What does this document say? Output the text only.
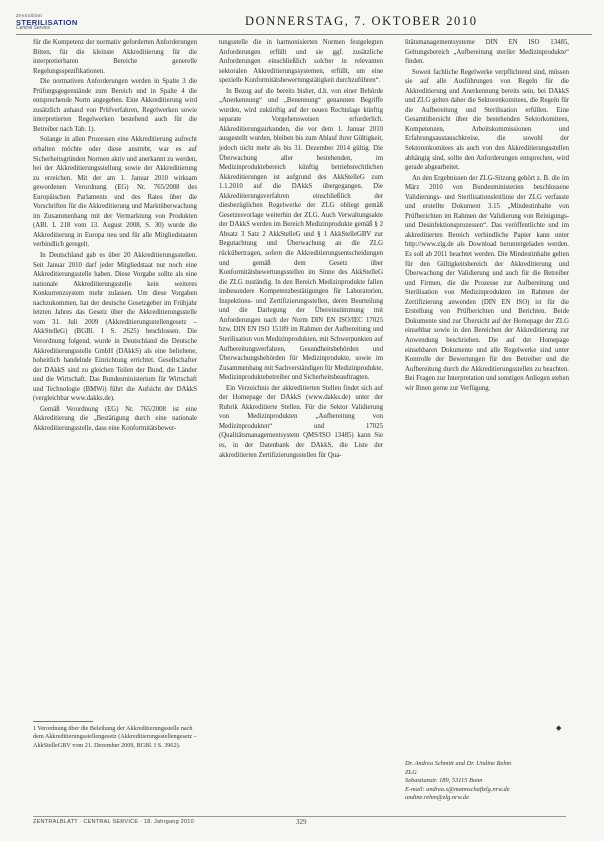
Zentralblatt
STERILISATION
Central Service	DONNERSTAG, 7. OKTOBER 2010

für die Kompetenz der normativ geforderten Anforderungen Bitten, für die kleinste Akkreditierung für die interpretierbaren Bereiche generelle Regelungsspezifikationen.

Die normativen Anforderungen werden in Spalte 3 die Prüfungsgegenstände zum Bereich und in Spalte 4 die entsprechende Norm angegeben. Eine Akkreditierung wird zusätzlich anhand von Prüfverfahren, Regelwerken sowie interpretierten Regelwerken bestehend auch für die Betreiber nach Tab. 1).

Solange in allen Prozessen eine Akkreditierung aufrecht erhalten möchte oder diese anstrebt, war es auf Sicherheitsgründen Normen aktiv und anerkannt zu werden, bei der Akkreditierungsstellung sowie der Akkreditierung zu erreichen. Mit der am 1. Januar 2010 wirksam gewordenen Verordnung (EG) Nr. 765/2008 des Europäischen Parlaments und des Rates über die Vorschriften für die Akkreditierung und Marktüberwachung im Zusammenhang mit der Vermarktung von Produkten (ABl. L 218 vom 13. August 2008, S. 30) wurde die Akkreditierung in Europa neu und für alle Mitgliedstaaten verbindlich geregelt.

In Deutschland gab es über 20 Akkreditierungsstellen. Seit Januar 2010 darf jeder Mitgliedstaat nur noch eine Akkreditierungsstelle haben. Diese Vorgabe sollte als eine nationale Akkreditierungsstelle kein weiteres Konkurrenzsystem mehr zulassen. Um diese Vorgaben nachzukommen, hat der deutsche Gesetzgeber im Frühjahr letzten Jahres das Gesetz über die Akkreditierungsstelle vom 31. Juli 2009 (Akkreditierungsstellengesetz – AkkStelleG) (BGBl. I S. 2625) beschlossen. Die Verordnung folgend, wurde in Deutschland die Deutsche Akkreditierungsstelle GmbH (DAkkS) als eine beliehene, hoheitlich handelnde Einrichtung errichtet. Gesellschafter der DAkkS sind zu gleichen Teilen der Bund, die Länder und die Wirtschaft. Das Bundesministerium für Wirtschaft und Technologie (BMWi) führt die Aufsicht der DAkkS (vergleichbar www.dakks.de).

Gemäß Verordnung (EG) Nr. 765/2008 ist eine Akkreditierung die „Bestätigung durch eine nationale Akkreditierungsstelle, dass eine Konformitätsbewer-

tungsstelle die in harmonisierten Normen festgelegten Anforderungen erfüllt und sie ggf. zusätzliche Anforderungen einschließlich solcher in relevanten sektoralen Akkreditierungssystemen, erfüllt, um eine spezielle Konformitätsbewertungstätigkeit durchzuführen“.

In Bezug auf die bereits bisher, d.h. von einer Behörde „Anerkennung“ und „Benennung“ genannten Begriffe wurden, wird zukünftig auf der neuen Rechtslage künftig separate Vorgehensweisen erforderlich. Akkreditierungsurkunden, die vor dem 1. Januar 2010 ausgestellt wurden, bleiben bis zum Ablauf ihrer Gültigkeit, jedoch nicht mehr als bis 31. Dezember 2014 gültig. Die Überwachung aller bestehenden, im Medizinproduktebereich künftig betriebsrechtlichen Akkreditierungen ist aufgrund des AkkStelleG zum 1.1.2010 auf die DAkkS übergegangen. Die Akkreditierungsverfahren einschließlich der diesbezüglichen Regelwerke der ZLG obliegt gemäß Gesetzesvorlage weiterhin der ZLG. Auch Verwaltungsakte der DAkkS werden im Bereich Medizinprodukte gemäß § 2 Absatz 3 Satz 2 AkkStelleG und § 1 AkkStelleGBV zur Begutachtung und Überwachung an die ZLG rückübertragen, sofern die Akkreditierungsentscheidungen und gemäß dem Gesetz über Konformitätsbewertungsstellen im Sinne des AkkStelleG die ZLG zuständig. In den Bereich Medizinprodukte fallen insbesondere Kompetenzbestätigungen für Laboratorien, Inspektions- und Zertifizierungsstellen, deren Beurteilung und die Darlegung der Übereinstimmung mit Anforderungen nach der Norm DIN EN ISO/IEC 17025 bzw. DIN EN ISO 15189 im Rahmen der Aufbereitung und Sterilisation von Medizinprodukten, mit Schwerpunkten auf Aufbereitungsverfahren, Gesundheitsbehörden und Überwachungsbehörden für Medizinprodukte, sowie im Zusammenhang mit Sachverständigen für Medizinprodukte, Medizinproduktebetreiber und Sicherheitsbeauftragten.

Ein Verzeichnis der akkreditierten Stellen findet sich auf der Homepage der DAkkS (www.dakks.de) unter der Rubrik Akkreditierte Stellen. Für die Sektor Validierung von Medizinprodukten „Aufbereitung von Medizinprodukten“ und 17025 (Qualitätsmanagementsystem QMS/ISO 13485) kann Sie es, in der Datenbank der DAkkS, die Liste der akkreditierten Zertifizierungsstellen für Qua-

litätsmanagementsysteme DIN EN ISO 13485, Geltungsbereich „Aufbereitung steriler Medizinprodukte“ finden.

Soweit fachliche Regelwerke verpflichtend sind, müssen sie auf alle Ausführungen von Regeln für die Akkreditierung und Anerkennung bereits sein, bei DAkkS und ZLG gelten daher die Sektorenkomitees, die Regeln für die Aufbereitung und Sterilisation erfüllen. Eine Gesamtübersicht über die bestehenden Sektorkomitees, Kompetenzen, Arbeitskommissionen und Erfahrungsaustauschkreise, die sowohl der Sektorenkomitees als auch von den Akkreditierungsstellen abhängig sind, sollte den Anforderungen entsprechen, wird gerade abgearbeitet.

An den Ergebnissen der ZLG-Sitzung gehört z. B. die im März 2010 von Bundesministerien beschlossene Validierungs- und Sterilisationsleitlinie der ZLG verfasste und erstellte Dokument 3.15 „Mindestinhalte von Prüfberichten im Rahmen der Validierung von Reinigungs- und Desinfektionsprozessen“. Das veröffentlichte und im akkreditierten Bereich verbindliche Papier kann unter http://www.zlg.de als Download heruntergeladen werden. Es soll ab 2011 beachtet werden. Die Mindestinhalte gelten für den Gültigkeitsbereich der Akkreditierung und Überwachung der Validierung und auch für die Betreiber und Firmen, die die Prozesse zur Aufbereitung und Sterilisation von Medizinprodukten im Rahmen der Zertifizierung anwenden (DIN EN ISO) ist für die Erstellung von Prüfberichten und Berichten. Beide Dokumente sind zur Übersicht auf der Homepage der ZLG einsehbar sowie in den Bereichen der Akkreditierung zur Anwendung beschrieben. Die auf der Homepage einsehbaren Dokumente und alle Regelwerke sind unter Kontrolle der Bewertungen für den Betreiber und die Aufbereitung durch die Akkreditierungsstellen zu beachten. Bei Fragen zur Interpretation und sonstigen Anliegen stehen wir Ihnen gerne zur Verfügung.

◆
1 Verordnung über die Beleihung der Akkreditierungsstelle nach dem Akkreditierungsstellengesetz (Akkreditierungsstellengesetz – AkkStelleGBV vom 21. Dezember 2009, BGBl. I S. 3962).
Dr. Andrea Schmitt und Dr. Undine Rehm
ZLG
Sebastianstr. 189, 53115 Bonn
E-mail: andrea.s@mannschaftzlg.nrw.de
undine.rehm@zlg.nrw.de
ZENTRALBLATT · CENTRAL SERVICE · 18. Jahrgang 2010	329
